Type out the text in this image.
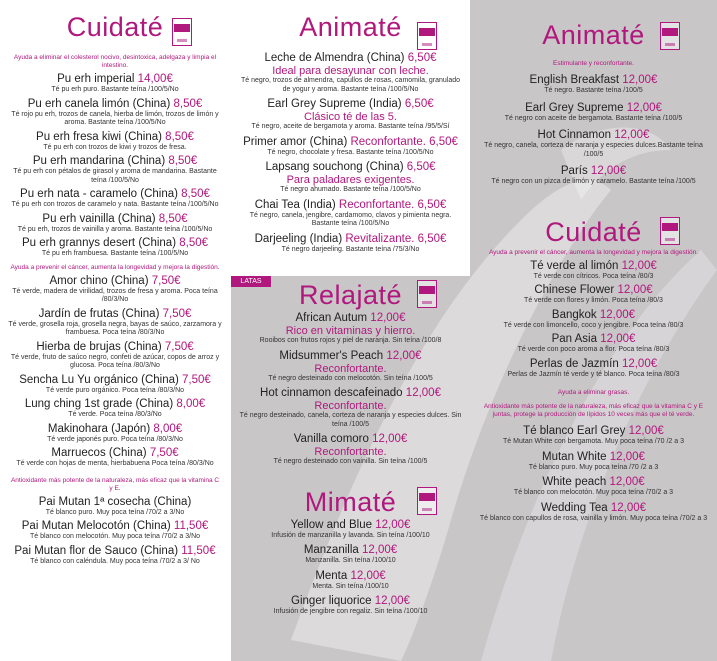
LATAS
Cuidaté
Ayuda a eliminar el colesterol nocivo, desintoxica, adelgaza y limpia el intestino.
Pu erh imperial 14,00€
Té pu erh puro. Bastante teína /100/5/No
Pu erh canela limón (China) 8,50€
Té rojo pu erh, trozos de canela, hierba de limón, trozos de limón y aroma. Bastante teína /100/5/No
Pu erh fresa kiwi (China) 8,50€
Té pu erh con trozos de kiwi y trozos de fresa.
Pu erh mandarina (China) 8,50€
Té pu erh con pétalos de girasol y aroma de mandarina. Bastante teína /100/5/No
Pu erh nata - caramelo (China) 8,50€
Té pu erh con trozos de caramelo y nata. Bastante teína /100/5/No
Pu erh vainilla (China) 8,50€
Té pu erh, trozos de vainilla y aroma. Bastante teína /100/5/No
Pu erh grannys desert (China) 8,50€
Té pu erh frambuesa. Bastante teína /100/5/No
Ayuda a prevenir el cáncer, aumenta la longevidad y mejora la digestión.
Amor chino (China) 7,50€
Té verde, madera de virilidad, trozos de fresa y aroma. Poca teína /80/3/No
Jardín de frutas (China) 7,50€
Té verde, grosella roja, grosella negra, bayas de saúco, zarzamora y frambuesa. Poca teína /80/3/No
Hierba de brujas (China) 7,50€
Té verde, fruto de saúco negro, confeti de azúcar, copos de arroz y glucosa. Poca teína /80/3/No
Sencha Lu Yu orgánico (China) 7,50€
Té verde puro orgánico. Poca teína /80/3/No
Lung ching 1st grade (China) 8,00€
Té verde. Poca teína /80/3/No
Makinohara (Japón) 8,00€
Té verde japonés puro. Poca teína /80/3/No
Marruecos (China) 7,50€
Té verde con hojas de menta, hierbabuena Poca teína /80/3/No
Antioxidante más potente de la naturaleza, más eficaz que la vitamina C y E.
Pai Mutan 1ª cosecha (China)
Té blanco puro. Muy poca teína /70/2 a 3/No
Pai Mutan Melocotón (China) 11,50€
Té blanco con melocotón. Muy poca teína /70/2 a 3/No
Pai Mutan flor de Sauco (China) 11,50€
Té blanco con caléndula. Muy poca teína /70/2 a 3/ No
Animaté
Leche de Almendra (China) 6,50€
Ideal para desayunar con leche.
Té negro, trozos de almendra, capullos de rosas, camomila, granulado de yogur y aroma. Bastante teína /100/5/No
Earl Grey Supreme (India) 6,50€
Clásico té de las 5.
Té negro, aceite de bergamota y aroma. Bastante teína /95/5/Sí
Primer amor (China) Reconfortante. 6,50€
Té negro, chocolate y fresa. Bastante teína /100/5/No
Lapsang souchong (China) 6,50€
Para paladares exigentes.
Té negro ahumado. Bastante teína /100/5/No
Chai Tea (India) Reconfortante. 6,50€
Té negro, canela, jengibre, cardamomo, clavos y pimienta negra. Bastante teína /100/5/No
Darjeeling (India) Revitalizante. 6,50€
Té negro darjeeling. Bastante teína /75/3/No
Relajaté
African Autum 12,00€
Rico en vitaminas y hierro.
Rooibos con frutos rojos y piel de naranja. Sin teína /100/8
Midsummer's Peach 12,00€
Reconfortante.
Té negro desteinado con melocotón. Sin teína /100/5
Hot cinnamon descafeinado 12,00€
Reconfortante.
Té negro desteinado, canela, corteza de naranja y especies dulces. Sin teína /100/5
Vanilla comoro 12,00€
Reconfortante.
Té negro desteinado con vainilla. Sin teína /100/5
Mimaté
Yellow and Blue 12,00€
Infusión de manzanilla y lavanda. Sin teína /100/10
Manzanilla 12,00€
Manzanilla. Sin teína /100/10
Menta 12,00€
Menta. Sin teína /100/10
Ginger liquorice 12,00€
Infusión de jengibre con regaliz. Sin teína /100/10
Animaté
Estimulante y reconfortante.
English Breakfast 12,00€
Té negro. Bastante teína /100/5
Earl Grey Supreme 12,00€
Té negro con aceite de bergamota. Bastante teína /100/5
Hot Cinnamon 12,00€
Té negro, canela, corteza de naranja y especies dulces.Bastante teína /100/5
París 12,00€
Té negro con un pizca de limón y caramelo. Bastante teína /100/5
Cuidaté
Ayuda a prevenir el cáncer, aumenta la longevidad y mejora la digestión.
Té verde al limón 12,00€
Té verde con cítricos. Poca teína /80/3
Chinese Flower 12,00€
Té verde con flores y limón. Poca teína /80/3
Bangkok 12,00€
Té verde con limoncello, coco y jengibre. Poca teína /80/3
Pan Asia 12,00€
Té verde con poco aroma a flor. Poca teína /80/3
Perlas de Jazmín 12,00€
Perlas de Jazmín té verde y té blanco. Poca teína /80/3
Ayuda a eliminar grasas.
Antioxidante más potente de la naturaleza, más eficaz que la vitamina C y E juntas, protege la producción de lípidos 10 veces más que el té verde.
Té blanco Earl Grey 12,00€
Té Mutan White con bergamota. Muy poca teína /70 /2 a 3
Mutan White 12,00€
Té blanco puro. Muy poca teína /70 /2 a 3
White peach 12,00€
Té blanco con melocotón. Muy poca teína /70/2 a 3
Wedding Tea 12,00€
Té blanco con capullos de rosa, vainilla y limón. Muy poca teína /70/2 a 3
